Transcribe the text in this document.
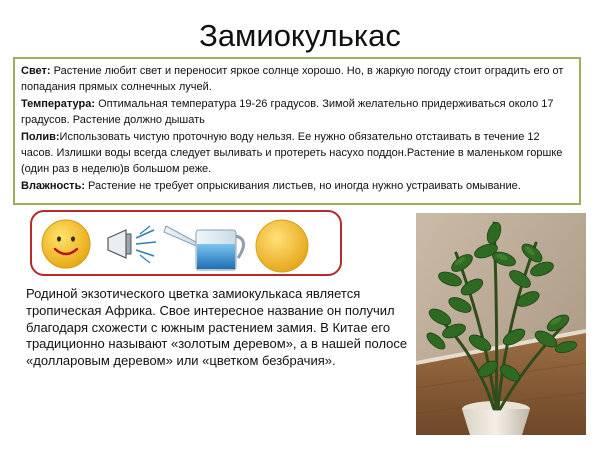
Замиокулькас

Свет: Растение любит свет и переносит яркое солнце хорошо. Но, в жаркую погоду стоит оградить его от попадания прямых солнечных лучей.

Температура: Оптимальная температура 19-26 градусов. Зимой желательно придерживаться около 17 градусов. Растение должно дышать

Полив:Использовать чистую проточную воду нельзя. Ее нужно обязательно отстаивать в течение 12 часов. Излишки воды всегда следует выливать и протереть насухо поддон.Растение в маленьком горшке (один раз в неделю)в большом реже.

Влажность: Растение не требует опрыскивания листьев, но иногда нужно устраивать омывание.

Родиной экзотического цветка замиокулькаса является тропическая Африка. Свое интересное название он получил благодаря схожести с южным растением замия. В Китае его традиционно называют «золотым деревом», а в нашей полосе «долларовым деревом» или «цветком безбрачия».
